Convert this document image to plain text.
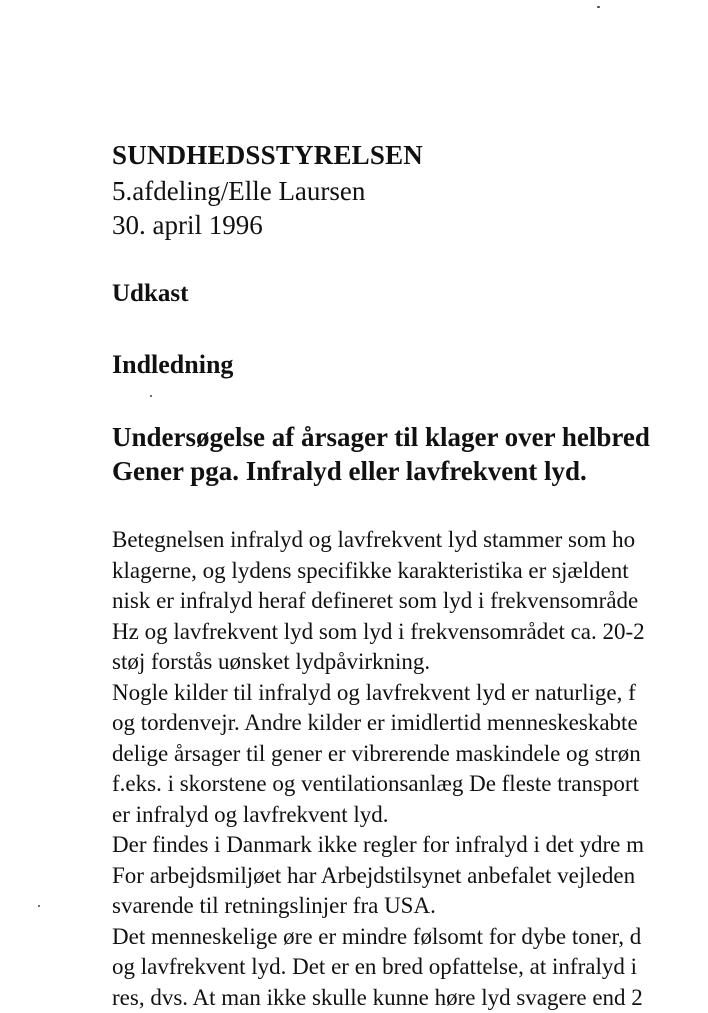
SUNDHEDSSTYRELSEN
5.afdeling/Elle Laursen
30. april 1996
Udkast
Indledning
Undersøgelse af årsager til klager over helbred
Gener pga. Infralyd eller lavfrekvent lyd.
Betegnelsen infralyd og lavfrekvent lyd stammer som ho
klagerne, og lydens specifikke karakteristika er sjældent
nisk er infralyd heraf defineret som lyd i frekvensområde
Hz og lavfrekvent lyd som lyd i frekvensområdet ca. 20-2
støj forstås uønsket lydpåvirkning.
Nogle kilder til infralyd og lavfrekvent lyd er naturlige, f
og tordenvejr. Andre kilder er imidlertid menneskeskabte
delige årsager til gener er vibrerende maskindele og strøn
f.eks. i skorstene og ventilationsanlæg De fleste transport
er infralyd og lavfrekvent lyd.
Der findes i Danmark ikke regler for infralyd i det ydre m
For arbejdsmiljøet har Arbejdstilsynet anbefalet vejleden
svarende til retningslinjer fra USA.
Det menneskelige øre er mindre følsomt for dybe toner, d
og lavfrekvent lyd. Det er en bred opfattelse, at infralyd i
res, dvs. At man ikke skulle kunne høre lyd svagere end 2
